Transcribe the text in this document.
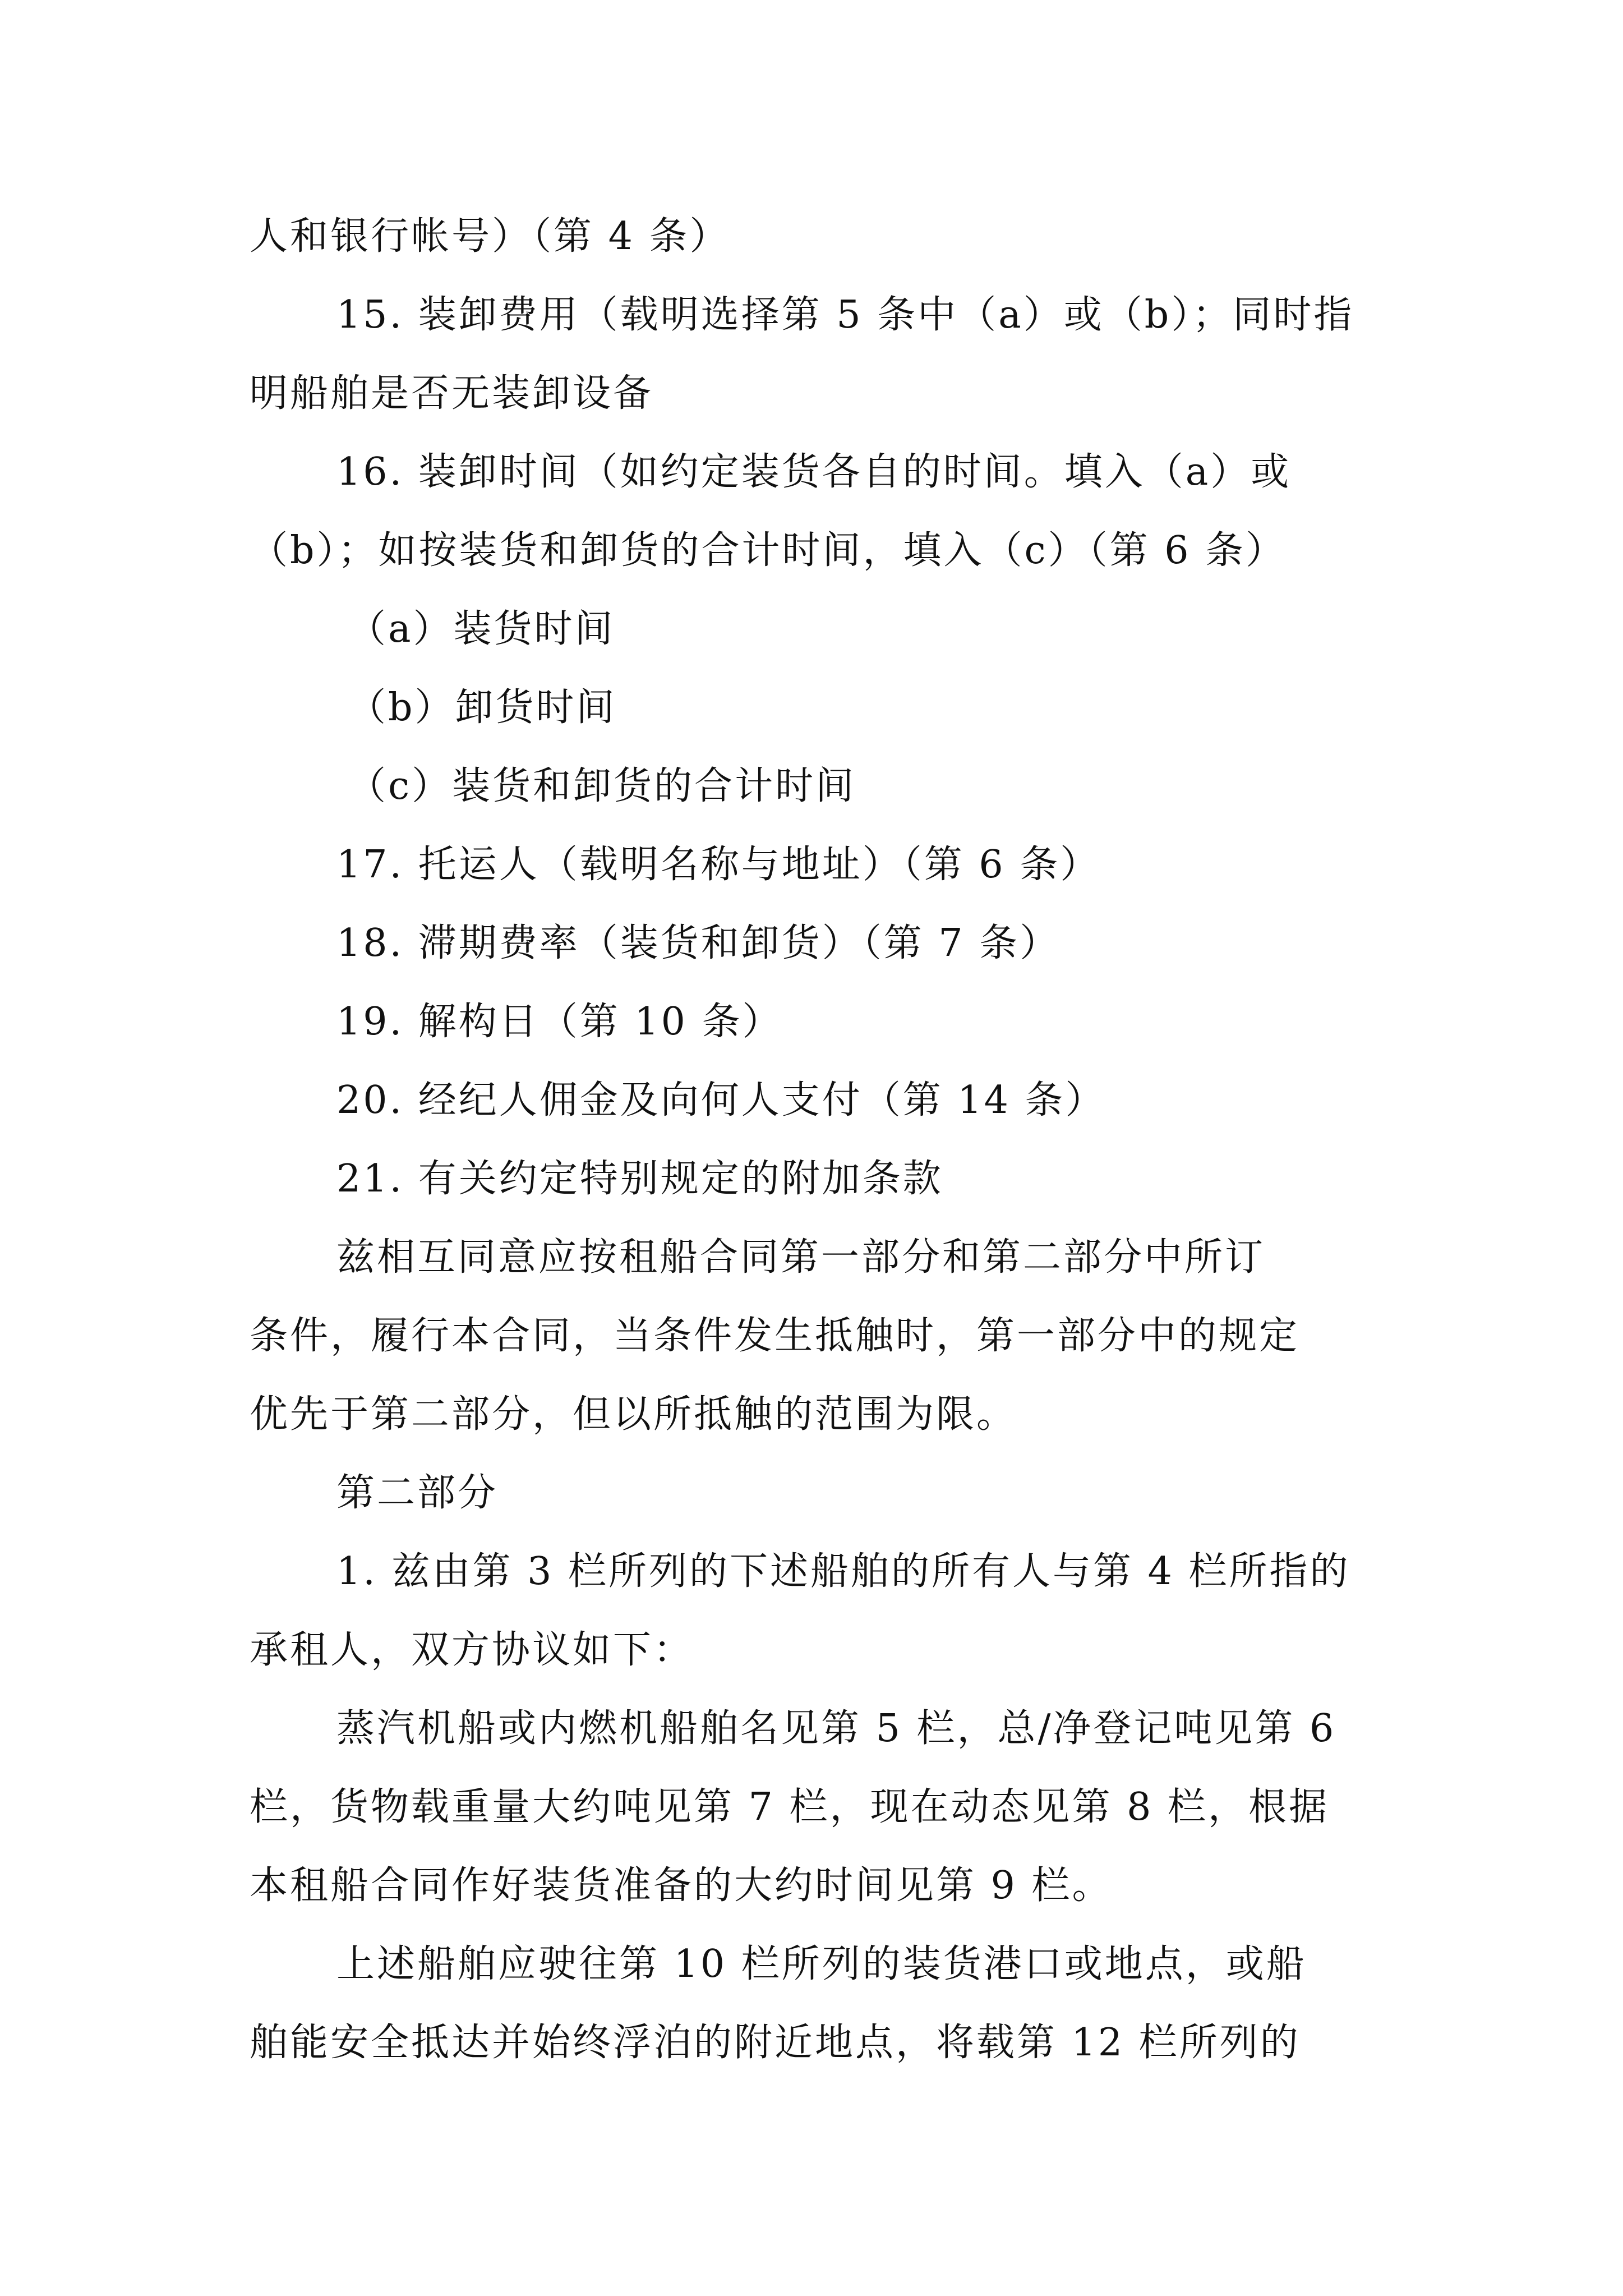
人和银行帐号）（第 4 条）
15. 装卸费用（载明选择第 5 条中（a）或（b）；同时指
明船舶是否无装卸设备
16. 装卸时间（如约定装货各自的时间。填入（a）或
（b）；如按装货和卸货的合计时间，填入（c）（第 6 条）
（a）装货时间
（b）卸货时间
（c）装货和卸货的合计时间
17. 托运人（载明名称与地址）（第 6 条）
18. 滞期费率（装货和卸货）（第 7 条）
19. 解构日（第 10 条）
20. 经纪人佣金及向何人支付（第 14 条）
21. 有关约定特别规定的附加条款
兹相互同意应按租船合同第一部分和第二部分中所订
条件，履行本合同，当条件发生抵触时，第一部分中的规定
优先于第二部分，但以所抵触的范围为限。
第二部分
1. 兹由第 3 栏所列的下述船舶的所有人与第 4 栏所指的
承租人，双方协议如下：
蒸汽机船或内燃机船舶名见第 5 栏，总/净登记吨见第 6
栏，货物载重量大约吨见第 7 栏，现在动态见第 8 栏，根据
本租船合同作好装货准备的大约时间见第 9 栏。
上述船舶应驶往第 10 栏所列的装货港口或地点，或船
舶能安全抵达并始终浮泊的附近地点，将载第 12 栏所列的
